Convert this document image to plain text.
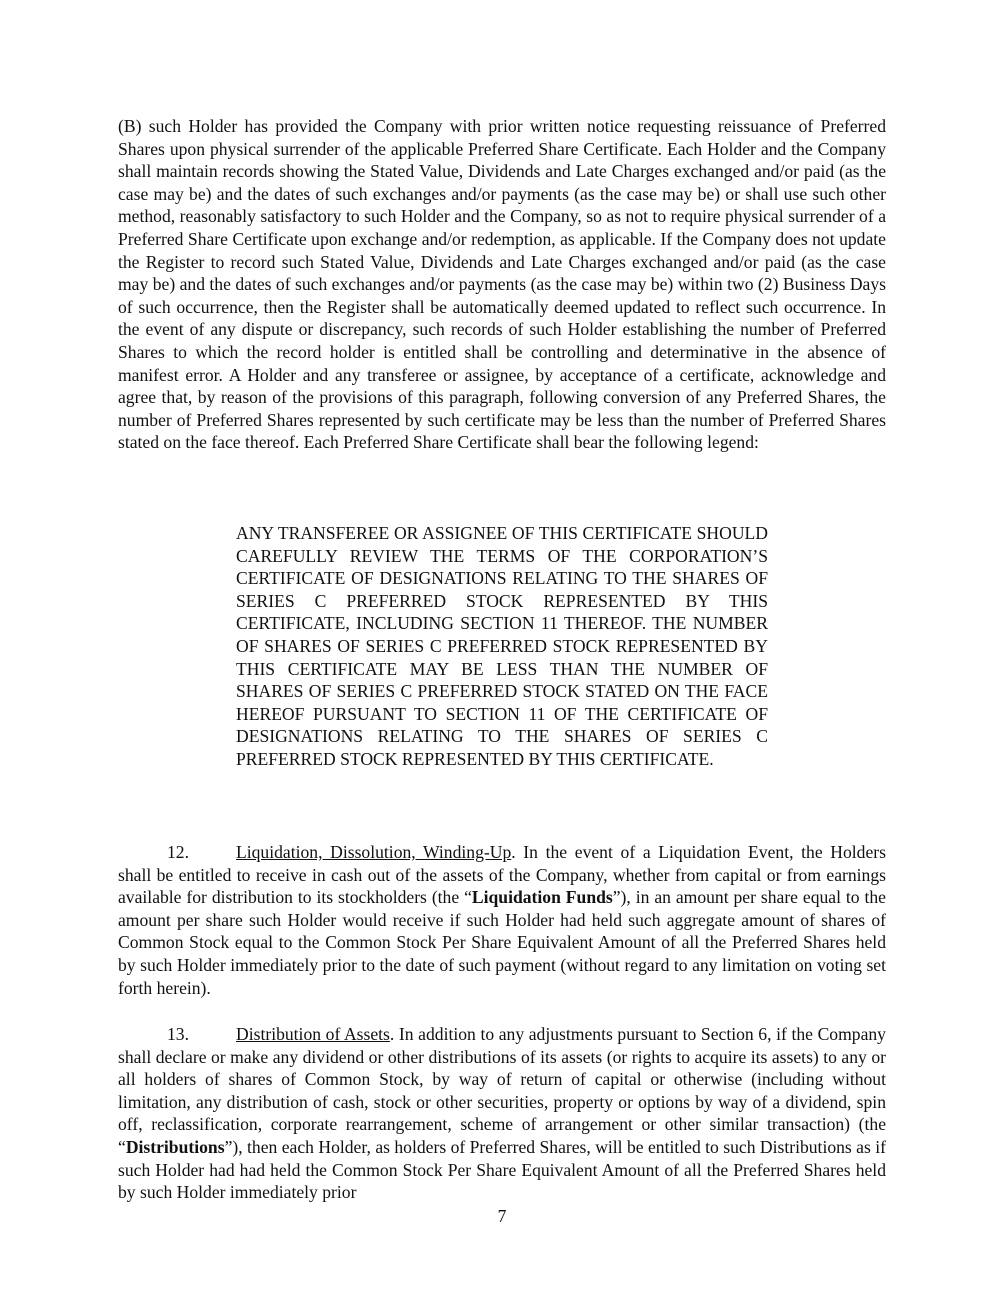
(B) such Holder has provided the Company with prior written notice requesting reissuance of Preferred Shares upon physical surrender of the applicable Preferred Share Certificate. Each Holder and the Company shall maintain records showing the Stated Value, Dividends and Late Charges exchanged and/or paid (as the case may be) and the dates of such exchanges and/or payments (as the case may be) or shall use such other method, reasonably satisfactory to such Holder and the Company, so as not to require physical surrender of a Preferred Share Certificate upon exchange and/or redemption, as applicable. If the Company does not update the Register to record such Stated Value, Dividends and Late Charges exchanged and/or paid (as the case may be) and the dates of such exchanges and/or payments (as the case may be) within two (2) Business Days of such occurrence, then the Register shall be automatically deemed updated to reflect such occurrence. In the event of any dispute or discrepancy, such records of such Holder establishing the number of Preferred Shares to which the record holder is entitled shall be controlling and determinative in the absence of manifest error. A Holder and any transferee or assignee, by acceptance of a certificate, acknowledge and agree that, by reason of the provisions of this paragraph, following conversion of any Preferred Shares, the number of Preferred Shares represented by such certificate may be less than the number of Preferred Shares stated on the face thereof. Each Preferred Share Certificate shall bear the following legend:

ANY TRANSFEREE OR ASSIGNEE OF THIS CERTIFICATE SHOULD CAREFULLY REVIEW THE TERMS OF THE CORPORATION’S CERTIFICATE OF DESIGNATIONS RELATING TO THE SHARES OF SERIES C PREFERRED STOCK REPRESENTED BY THIS CERTIFICATE, INCLUDING SECTION 11 THEREOF. THE NUMBER OF SHARES OF SERIES C PREFERRED STOCK REPRESENTED BY THIS CERTIFICATE MAY BE LESS THAN THE NUMBER OF SHARES OF SERIES C PREFERRED STOCK STATED ON THE FACE HEREOF PURSUANT TO SECTION 11 OF THE CERTIFICATE OF DESIGNATIONS RELATING TO THE SHARES OF SERIES C PREFERRED STOCK REPRESENTED BY THIS CERTIFICATE.

12.	Liquidation, Dissolution, Winding-Up. In the event of a Liquidation Event, the Holders shall be entitled to receive in cash out of the assets of the Company, whether from capital or from earnings available for distribution to its stockholders (the “Liquidation Funds”), in an amount per share equal to the amount per share such Holder would receive if such Holder had held such aggregate amount of shares of Common Stock equal to the Common Stock Per Share Equivalent Amount of all the Preferred Shares held by such Holder immediately prior to the date of such payment (without regard to any limitation on voting set forth herein).

13.	Distribution of Assets. In addition to any adjustments pursuant to Section 6, if the Company shall declare or make any dividend or other distributions of its assets (or rights to acquire its assets) to any or all holders of shares of Common Stock, by way of return of capital or otherwise (including without limitation, any distribution of cash, stock or other securities, property or options by way of a dividend, spin off, reclassification, corporate rearrangement, scheme of arrangement or other similar transaction) (the “Distributions”), then each Holder, as holders of Preferred Shares, will be entitled to such Distributions as if such Holder had had held the Common Stock Per Share Equivalent Amount of all the Preferred Shares held by such Holder immediately prior

7
